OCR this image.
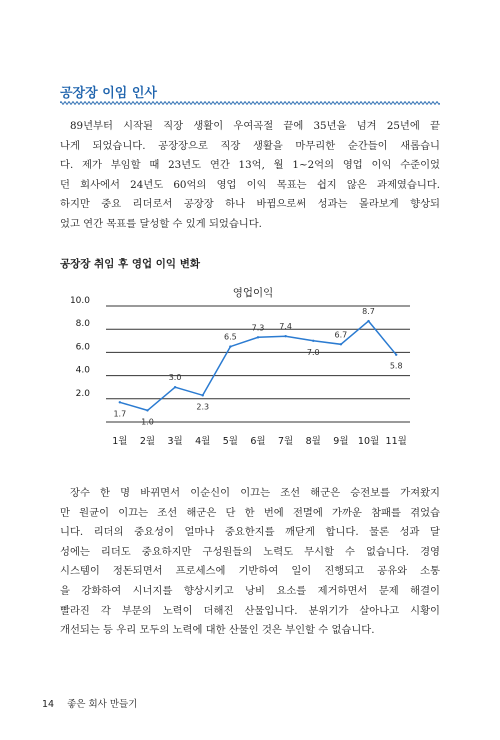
공장장 이임 인사
89년부터 시작된 직장 생활이 우여곡절 끝에 35년을 넘겨 25년에 끝
나게 되었습니다. 공장장으로 직장 생활을 마무리한 순간들이 새롭습니
다. 제가 부임할 때 23년도 연간 13억, 월 1~2억의 영업 이익 수준이었
던 회사에서 24년도 60억의 영업 이익 목표는 쉽지 않은 과제였습니다.
하지만 중요 리더로서 공장장 하나 바뀜으로써 성과는 몰라보게 향상되
었고 연간 목표를 달성할 수 있게 되었습니다.
공장장 취임 후 영업 이익 변화
영업이익
10.0
8.0
6.0
4.0
2.0
1월 2월 3월 4월 5월 6월 7월 8월 9월 10월 11월
1.7
1.0
3.0
2.3
6.5
7.3 7.4
7.0
6.7
8.7
5.8
장수 한 명 바뀌면서 이순신이 이끄는 조선 해군은 승전보를 가져왔지
만 원균이 이끄는 조선 해군은 단 한 번에 전멸에 가까운 참패를 겪었습
니다. 리더의 중요성이 얼마나 중요한지를 깨닫게 합니다. 물론 성과 달
성에는 리더도 중요하지만 구성원들의 노력도 무시할 수 없습니다. 경영
시스템이 정돈되면서 프로세스에 기반하여 일이 진행되고 공유와 소통
을 강화하여 시너지를 향상시키고 낭비 요소를 제거하면서 문제 해결이
빨라진 각 부문의 노력이 더해진 산물입니다. 분위기가 살아나고 시황이
개선되는 등 우리 모두의 노력에 대한 산물인 것은 부인할 수 없습니다.
14 좋은 회사 만들기
